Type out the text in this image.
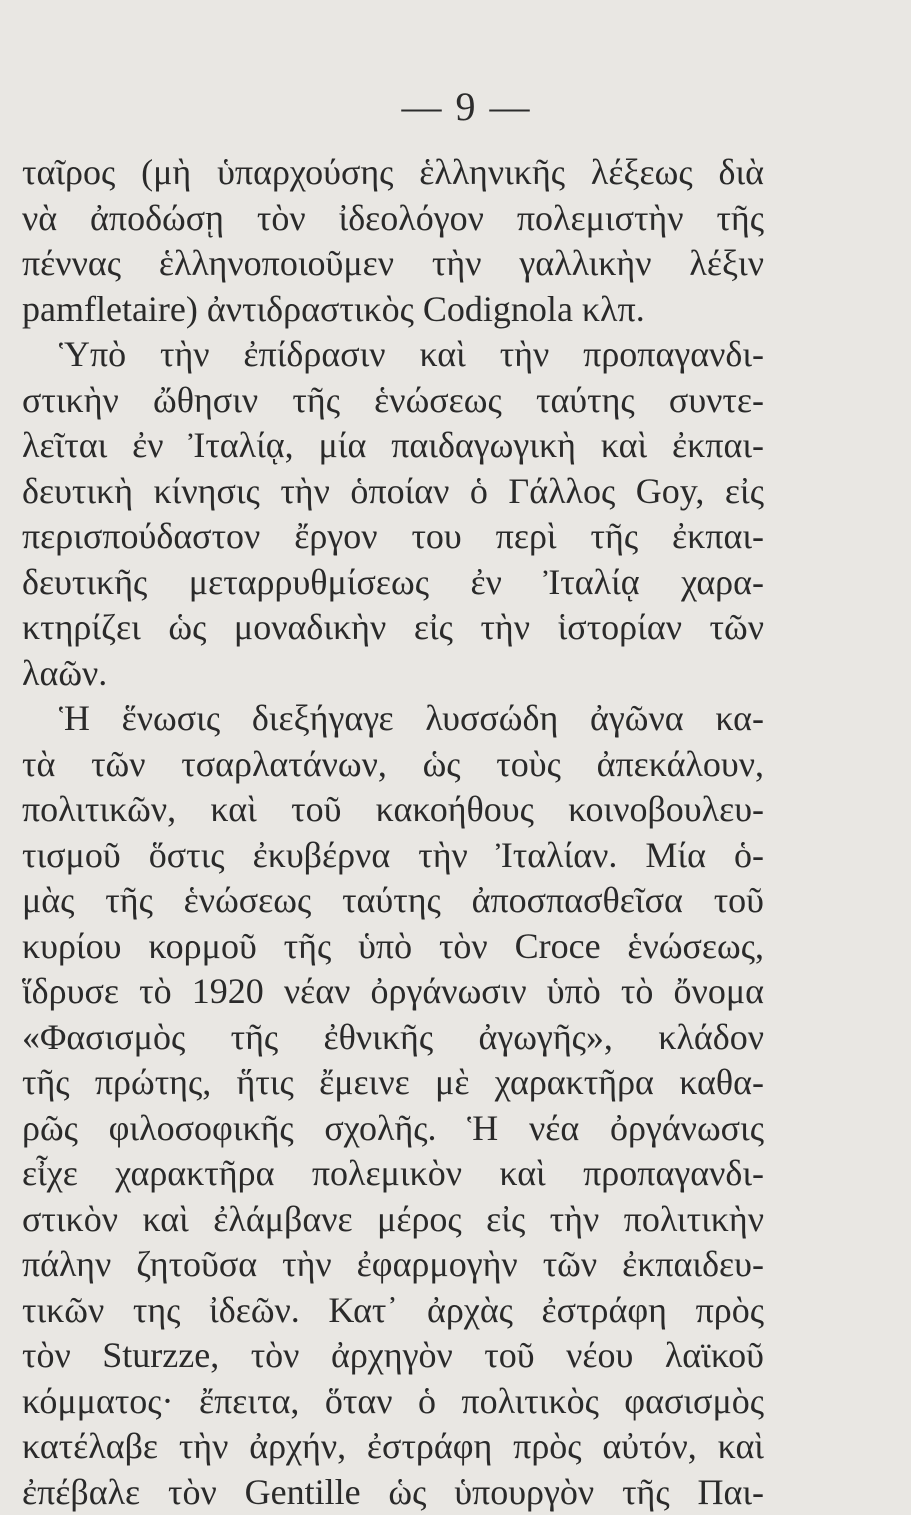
— 9 —
ταῖρος (μὴ ὑπαρχούσης ἑλληνικῆς λέξεως διὰ
νὰ ἀποδώσῃ τὸν ἰδεολόγον πολεμιστὴν τῆς
πέννας ἑλληνοποιοῦμεν τὴν γαλλικὴν λέξιν
pamfletaire) ἀντιδραστικὸς Codignola κλπ.
Ὑπὸ τὴν ἐπίδρασιν καὶ τὴν προπαγανδι-
στικὴν ὤθησιν τῆς ἑνώσεως ταύτης συντε-
λεῖται ἐν Ἰταλίᾳ, μία παιδαγωγικὴ καὶ ἐκπαι-
δευτικὴ κίνησις τὴν ὁποίαν ὁ Γάλλος Goy, εἰς
περισπούδαστον ἔργον του περὶ τῆς ἐκπαι-
δευτικῆς μεταρρυθμίσεως ἐν Ἰταλίᾳ χαρα-
κτηρίζει ὡς μοναδικὴν εἰς τὴν ἱστορίαν τῶν
λαῶν.
Ἡ ἕνωσις διεξήγαγε λυσσώδη ἀγῶνα κα-
τὰ τῶν τσαρλατάνων, ὡς τοὺς ἀπεκάλουν,
πολιτικῶν, καὶ τοῦ κακοήθους κοινοβουλευ-
τισμοῦ ὅστις ἐκυβέρνα τὴν Ἰταλίαν. Μία ὁ-
μὰς τῆς ἑνώσεως ταύτης ἀποσπασθεῖσα τοῦ
κυρίου κορμοῦ τῆς ὑπὸ τὸν Croce ἑνώσεως,
ἵδρυσε τὸ 1920 νέαν ὀργάνωσιν ὑπὸ τὸ ὄνομα
«Φασισμὸς τῆς ἐθνικῆς ἀγωγῆς», κλάδον
τῆς πρώτης, ἥτις ἔμεινε μὲ χαρακτῆρα καθα-
ρῶς φιλοσοφικῆς σχολῆς. Ἡ νέα ὀργάνωσις
εἶχε χαρακτῆρα πολεμικὸν καὶ προπαγανδι-
στικὸν καὶ ἐλάμβανε μέρος εἰς τὴν πολιτικὴν
πάλην ζητοῦσα τὴν ἐφαρμογὴν τῶν ἐκπαιδευ-
τικῶν της ἰδεῶν. Κατ᾽ ἀρχὰς ἐστράφη πρὸς
τὸν Sturzze, τὸν ἀρχηγὸν τοῦ νέου λαϊκοῦ
κόμματος· ἔπειτα, ὅταν ὁ πολιτικὸς φασισμὸς
κατέλαβε τὴν ἀρχήν, ἐστράφη πρὸς αὐτόν, καὶ
ἐπέβαλε τὸν Gentille ὡς ὑπουργὸν τῆς Παι-
